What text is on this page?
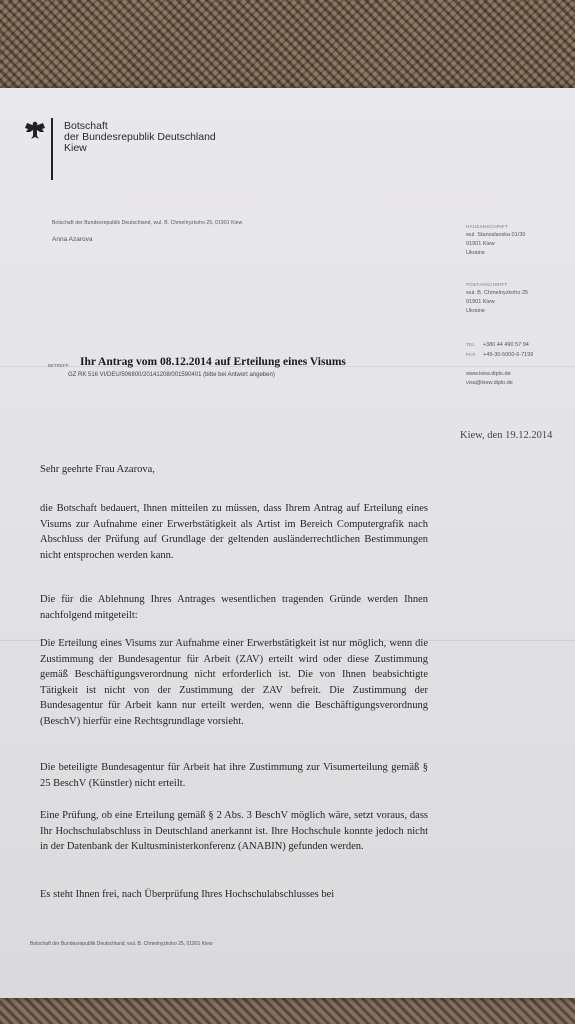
Botschaft
der Bundesrepublik Deutschland
Kiew
Botschaft der Bundesrepublik Deutschland, wul. B. Chmelnyzkoho 25, 01901 Kiew
Anna Azarova
HAUSANSCHRIFT
wul. Stanoslavska 01/30
01901 Kiew
Ukraine
POSTANSCHRIFT
wul. B. Chmelnyzkoho 25
01901 Kiew
Ukraine
TEL +380 44 490 57 94
FAX +49-30-5000-6-7199
www.kiew.diplo.de
visa@kiew.diplo.de
BETREFF Ihr Antrag vom 08.12.2014 auf Erteilung eines Visums
GZ RK 516 VI/DEU/506800/20141208/001590401 (bitte bei Antwort angeben)
Kiew, den 19.12.2014
Sehr geehrte Frau Azarova,
die Botschaft bedauert, Ihnen mitteilen zu müssen, dass Ihrem Antrag auf Erteilung eines Visums zur Aufnahme einer Erwerbstätigkeit als Artist im Bereich Computergrafik nach Abschluss der Prüfung auf Grundlage der geltenden ausländerrechtlichen Bestimmungen nicht entsprochen werden kann.
Die für die Ablehnung Ihres Antrages wesentlichen tragenden Gründe werden Ihnen nachfolgend mitgeteilt:
Die Erteilung eines Visums zur Aufnahme einer Erwerbstätigkeit ist nur möglich, wenn die Zustimmung der Bundesagentur für Arbeit (ZAV) erteilt wird oder diese Zustimmung gemäß Beschäftigungsverordnung nicht erforderlich ist. Die von Ihnen beabsichtigte Tätigkeit ist nicht von der Zustimmung der ZAV befreit. Die Zustimmung der Bundesagentur für Arbeit kann nur erteilt werden, wenn die Beschäftigungsverordnung (BeschV) hierfür eine Rechtsgrundlage vorsieht.
Die beteiligte Bundesagentur für Arbeit hat ihre Zustimmung zur Visumerteilung gemäß § 25 BeschV (Künstler) nicht erteilt.
Eine Prüfung, ob eine Erteilung gemäß § 2 Abs. 3 BeschV möglich wäre, setzt voraus, dass Ihr Hochschulabschluss in Deutschland anerkannt ist. Ihre Hochschule konnte jedoch nicht in der Datenbank der Kultusministerkonferenz (ANABIN) gefunden werden.
Es steht Ihnen frei, nach Überprüfung Ihres Hochschulabschlusses bei
Botschaft der Bundesrepublik Deutschland, wul. B. Chmelnyzkoho 25, 01901 Kiew
